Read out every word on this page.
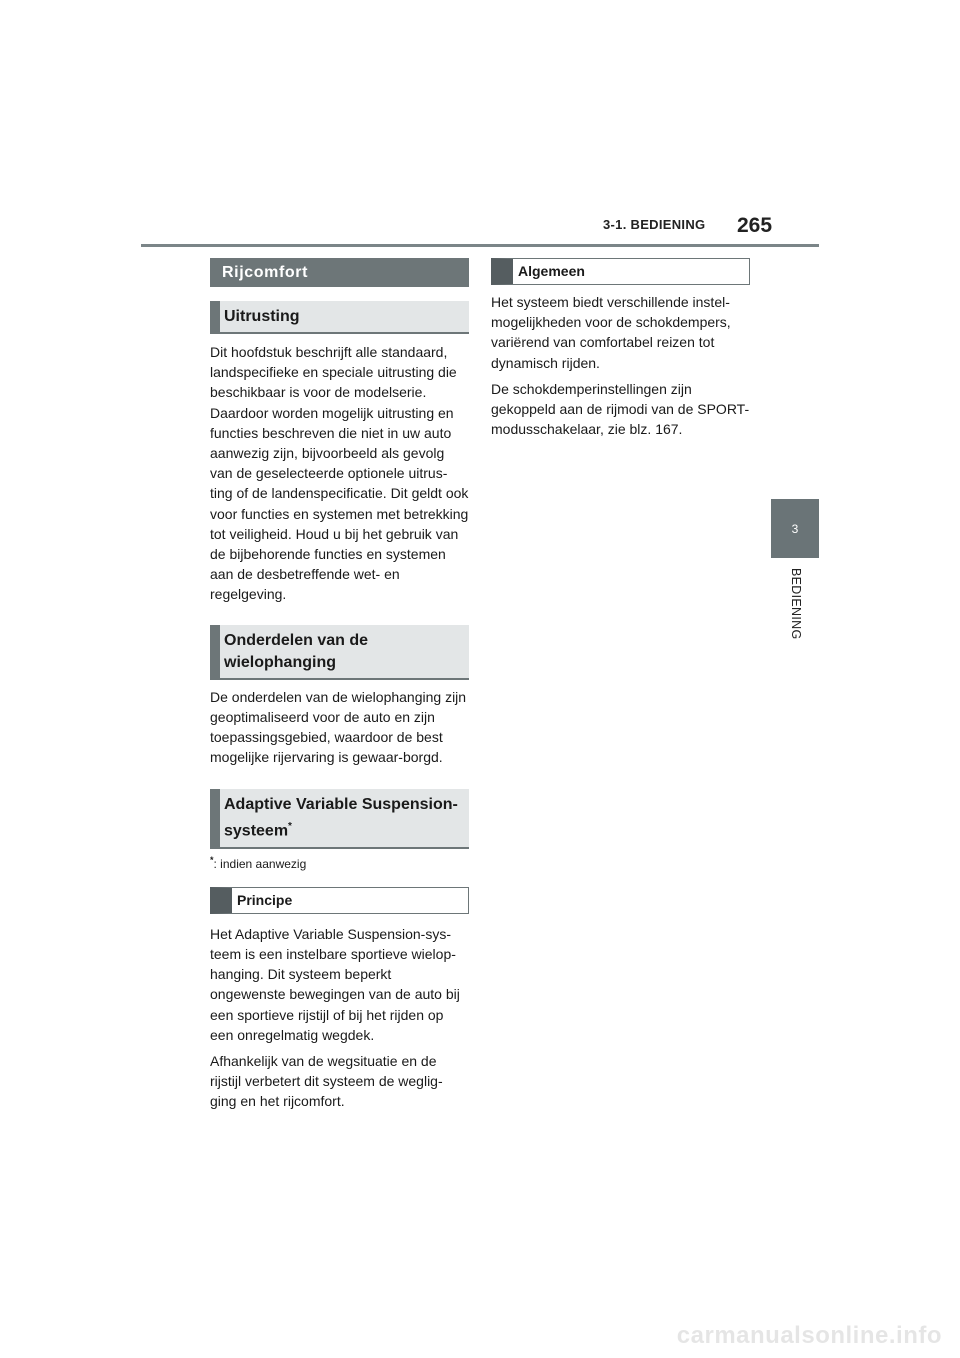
3-1. BEDIENING 265
3
BEDIENING
Rijcomfort
Uitrusting

Dit hoofdstuk beschrijft alle standaard, landspecifieke en speciale uitrusting die beschikbaar is voor de modelserie. Daardoor worden mogelijk uitrusting en functies beschreven die niet in uw auto aanwezig zijn, bijvoorbeeld als gevolg van de geselecteerde optionele uitrus-ting of de landenspecificatie. Dit geldt ook voor functies en systemen met betrekking tot veiligheid. Houd u bij het gebruik van de bijbehorende functies en systemen aan de desbetreffende wet- en regelgeving.

Onderdelen van de wielophanging

De onderdelen van de wielophanging zijn geoptimaliseerd voor de auto en zijn toepassingsgebied, waardoor de best mogelijke rijervaring is gewaar-borgd.

Adaptive Variable Suspension-systeem*

*: indien aanwezig

Principe

Het Adaptive Variable Suspension-sys-teem is een instelbare sportieve wielop-hanging. Dit systeem beperkt ongewenste bewegingen van de auto bij een sportieve rijstijl of bij het rijden op een onregelmatig wegdek.

Afhankelijk van de wegsituatie en de rijstijl verbetert dit systeem de weglig-ging en het rijcomfort.

Algemeen

Het systeem biedt verschillende instel-mogelijkheden voor de schokdempers, variërend van comfortabel reizen tot dynamisch rijden.

De schokdemperinstellingen zijn gekoppeld aan de rijmodi van de SPORT-modusschakelaar, zie blz. 167.

carmanualsonline.info
